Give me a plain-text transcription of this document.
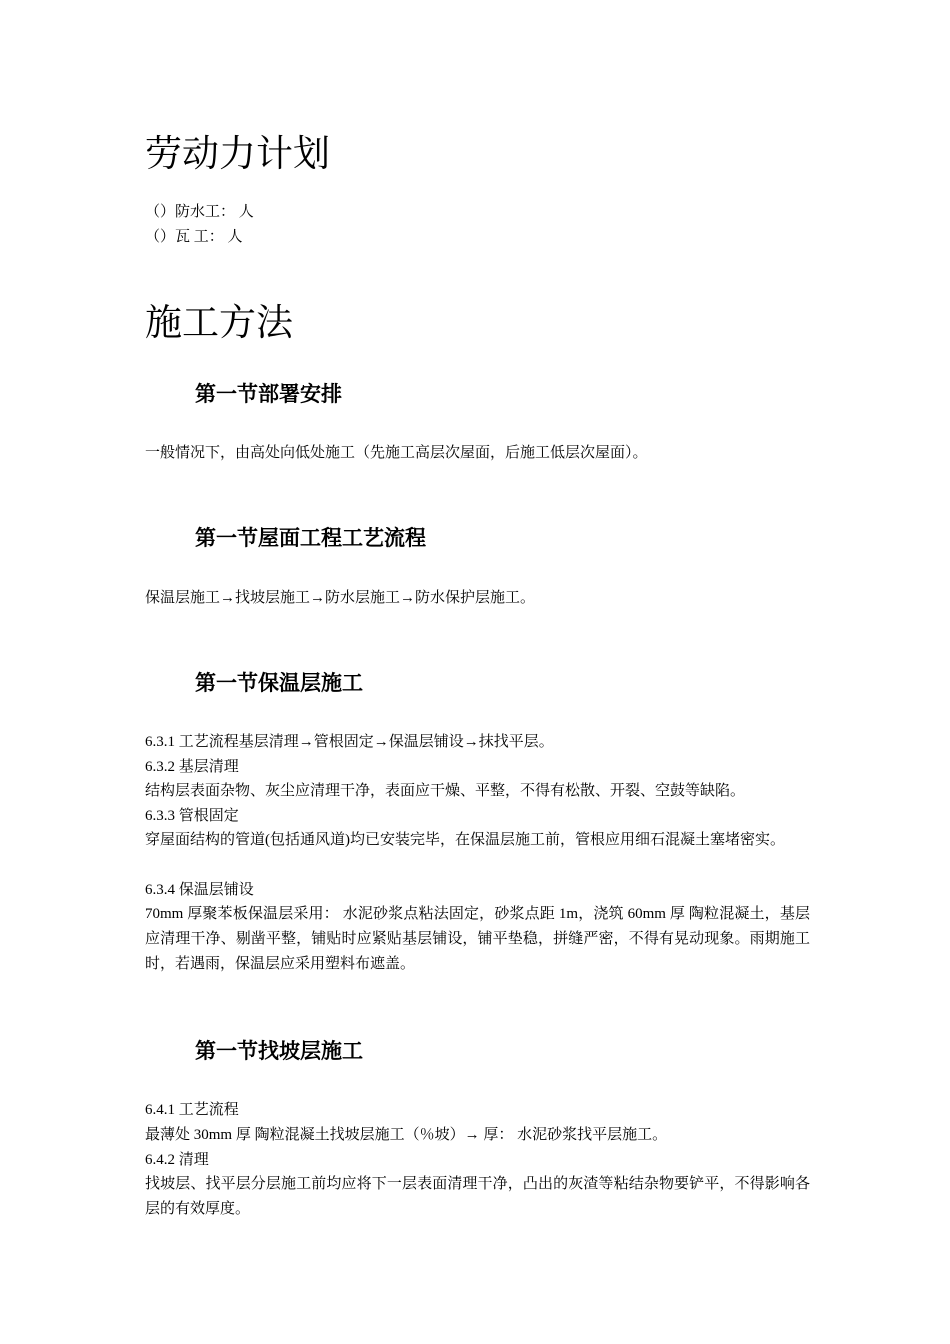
劳动力计划

（）防水工： 人

（）瓦 工： 人

施工方法
第一节部署安排

一般情况下，由高处向低处施工（先施工高层次屋面，后施工低层次屋面）。

第一节屋面工程工艺流程

保温层施工→找坡层施工→防水层施工→防水保护层施工。

第一节保温层施工

6.3.1 工艺流程基层清理→管根固定→保温层铺设→抹找平层。

6.3.2 基层清理

结构层表面杂物、灰尘应清理干净，表面应干燥、平整，不得有松散、开裂、空鼓等缺陷。

6.3.3 管根固定

穿屋面结构的管道(包括通风道)均已安装完毕，在保温层施工前，管根应用细石混凝土塞堵密实。

6.3.4 保温层铺设

70mm 厚聚苯板保温层采用： 水泥砂浆点粘法固定，砂浆点距 1m，浇筑 60mm 厚 陶粒混凝土，基层应清理干净、剔凿平整，铺贴时应紧贴基层铺设，铺平垫稳，拼缝严密，不得有晃动现象。雨期施工时，若遇雨，保温层应采用塑料布遮盖。

第一节找坡层施工

6.4.1 工艺流程

最薄处 30mm 厚 陶粒混凝土找坡层施工（％坡）→ 厚： 水泥砂浆找平层施工。

6.4.2 清理

找坡层、找平层分层施工前均应将下一层表面清理干净，凸出的灰渣等粘结杂物要铲平，不得影响各层的有效厚度。
